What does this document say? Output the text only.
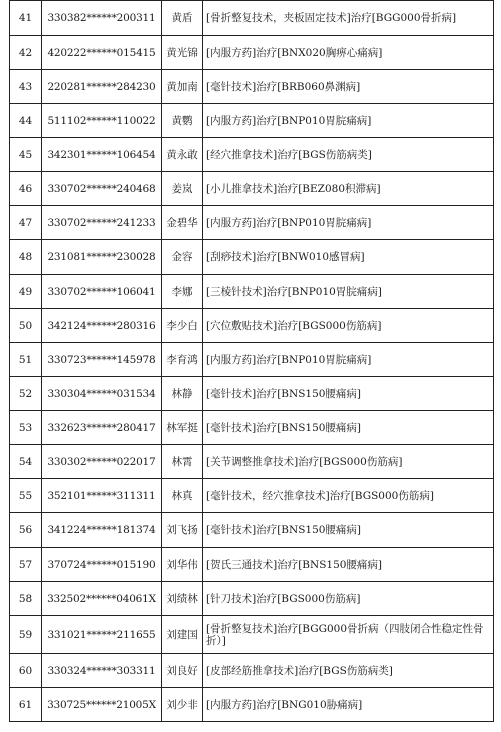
41	330382******200311	黄盾	[骨折整复技术，夹板固定技术]治疗[BGG000骨折病]
42	420222******015415	黄光锦	[内服方药]治疗[BNX020胸痹心痛病]
43	220281******284230	黄加南	[毫针技术]治疗[BRB060鼻渊病]
44	511102******110022	黄鹦	[内服方药]治疗[BNP010胃脘痛病]
45	342301******106454	黄永敢	[经穴推拿技术]治疗[BGS伤筋病类]
46	330702******240468	姜岚	[小儿推拿技术]治疗[BEZ080积滞病]
47	330702******241233	金碧华	[内服方药]治疗[BNP010胃脘痛病]
48	231081******230028	金容	[刮痧技术]治疗[BNW010感冒病]
49	330702******106041	李娜	[三棱针技术]治疗[BNP010胃脘痛病]
50	342124******280316	李少白	[穴位敷贴技术]治疗[BGS000伤筋病]
51	330723******145978	李育鸿	[内服方药]治疗[BNP010胃脘痛病]
52	330304******031534	林静	[毫针技术]治疗[BNS150腰痛病]
53	332623******280417	林军挺	[毫针技术]治疗[BNS150腰痛病]
54	330302******022017	林霄	[关节调整推拿技术]治疗[BGS000伤筋病]
55	352101******311311	林真	[毫针技术，经穴推拿技术]治疗[BGS000伤筋病]
56	341224******181374	刘飞扬	[毫针技术]治疗[BNS150腰痛病]
57	370724******015190	刘华伟	[贺氏三通技术]治疗[BNS150腰痛病]
58	332502******04061X	刘绩林	[针刀技术]治疗[BGS000伤筋病]
59	331021******211655	刘建国	[骨折整复技术]治疗[BGG000骨折病（四肢闭合性稳定性骨折）]
60	330324******303311	刘良好	[皮部经筋推拿技术]治疗[BGS伤筋病类]
61	330725******21005X	刘少非	[内服方药]治疗[BNG010胁痛病]
